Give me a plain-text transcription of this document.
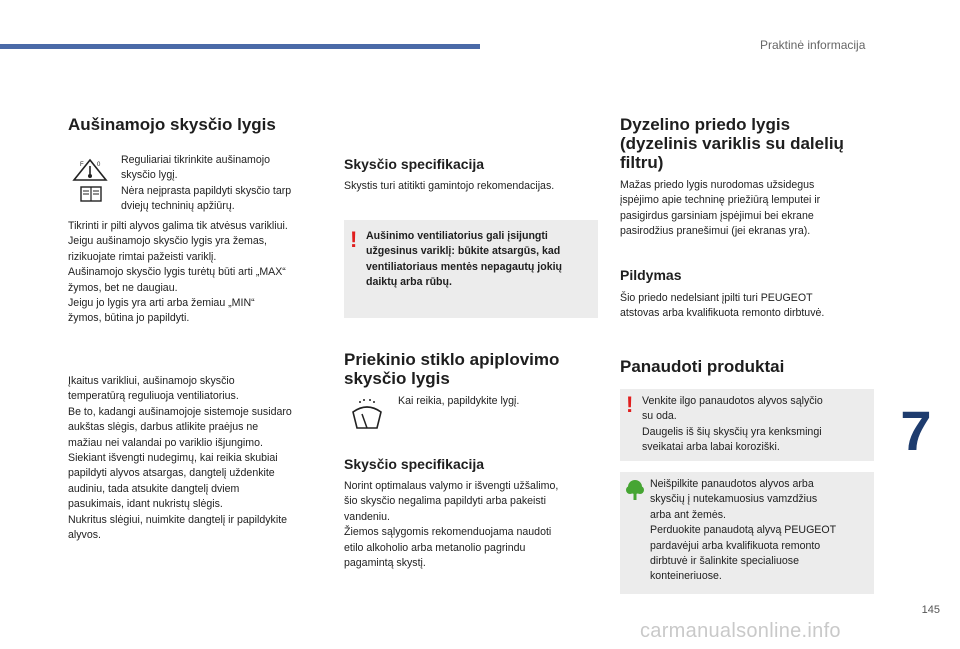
Praktinė informacija
Aušinamojo skysčio lygis
F 0 Reguliariai tikrinkite aušinamojo
skysčio lygį.
Nėra neįprasta papildyti skysčio tarp
dviejų techninių apžiūrų.
Tikrinti ir pilti alyvos galima tik atvėsus varikliui.
Jeigu aušinamojo skysčio lygis yra žemas,
rizikuojate rimtai pažeisti variklį.
Aušinamojo skysčio lygis turėtų būti arti „MAX“
žymos, bet ne daugiau.
Jeigu jo lygis yra arti arba žemiau „MIN“
žymos, būtina jo papildyti.
Įkaitus varikliui, aušinamojo skysčio
temperatūrą reguliuoja ventiliatorius.
Be to, kadangi aušinamojoje sistemoje susidaro
aukštas slėgis, darbus atlikite praėjus ne
mažiau nei valandai po variklio išjungimo.
Siekiant išvengti nudegimų, kai reikia skubiai
papildyti alyvos atsargas, dangtelį uždenkite
audiniu, tada atsukite dangtelį dviem
pasukimais, idant nukristų slėgis.
Nukritus slėgiui, nuimkite dangtelį ir papildykite
alyvos.
Skysčio specifikacija
Skystis turi atitikti gamintojo rekomendacijas.
! Aušinimo ventiliatorius gali įsijungti
užgesinus variklį: būkite atsargūs, kad
ventiliatoriaus mentės nepagautų jokių
daiktų arba rūbų.
Priekinio stiklo apiplovimo
skysčio lygis
Kai reikia, papildykite lygį.
Skysčio specifikacija
Norint optimalaus valymo ir išvengti užšalimo,
šio skysčio negalima papildyti arba pakeisti
vandeniu.
Žiemos sąlygomis rekomenduojama naudoti
etilo alkoholio arba metanolio pagrindu
pagamintą skystį.
Dyzelino priedo lygis
(dyzelinis variklis su dalelių
filtru)
Mažas priedo lygis nurodomas užsidegus
įspėjimo apie techninę priežiūrą lemputei ir
pasigirdus garsiniam įspėjimui bei ekrane
pasirodžius pranešimui (jei ekranas yra).
Pildymas
Šio priedo nedelsiant įpilti turi PEUGEOT
atstovas arba kvalifikuota remonto dirbtuvė.
Panaudoti produktai
! Venkite ilgo panaudotos alyvos sąlyčio
su oda.
Daugelis iš šių skysčių yra kenksmingi
sveikatai arba labai koroziški.
Neišpilkite panaudotos alyvos arba
skysčių į nutekamuosius vamzdžius
arba ant žemės.
Perduokite panaudotą alyvą PEUGEOT
pardavėjui arba kvalifikuota remonto
dirbtuvė ir šalinkite specialiuose
konteineriuose.
7
145
carmanualsonline.info
